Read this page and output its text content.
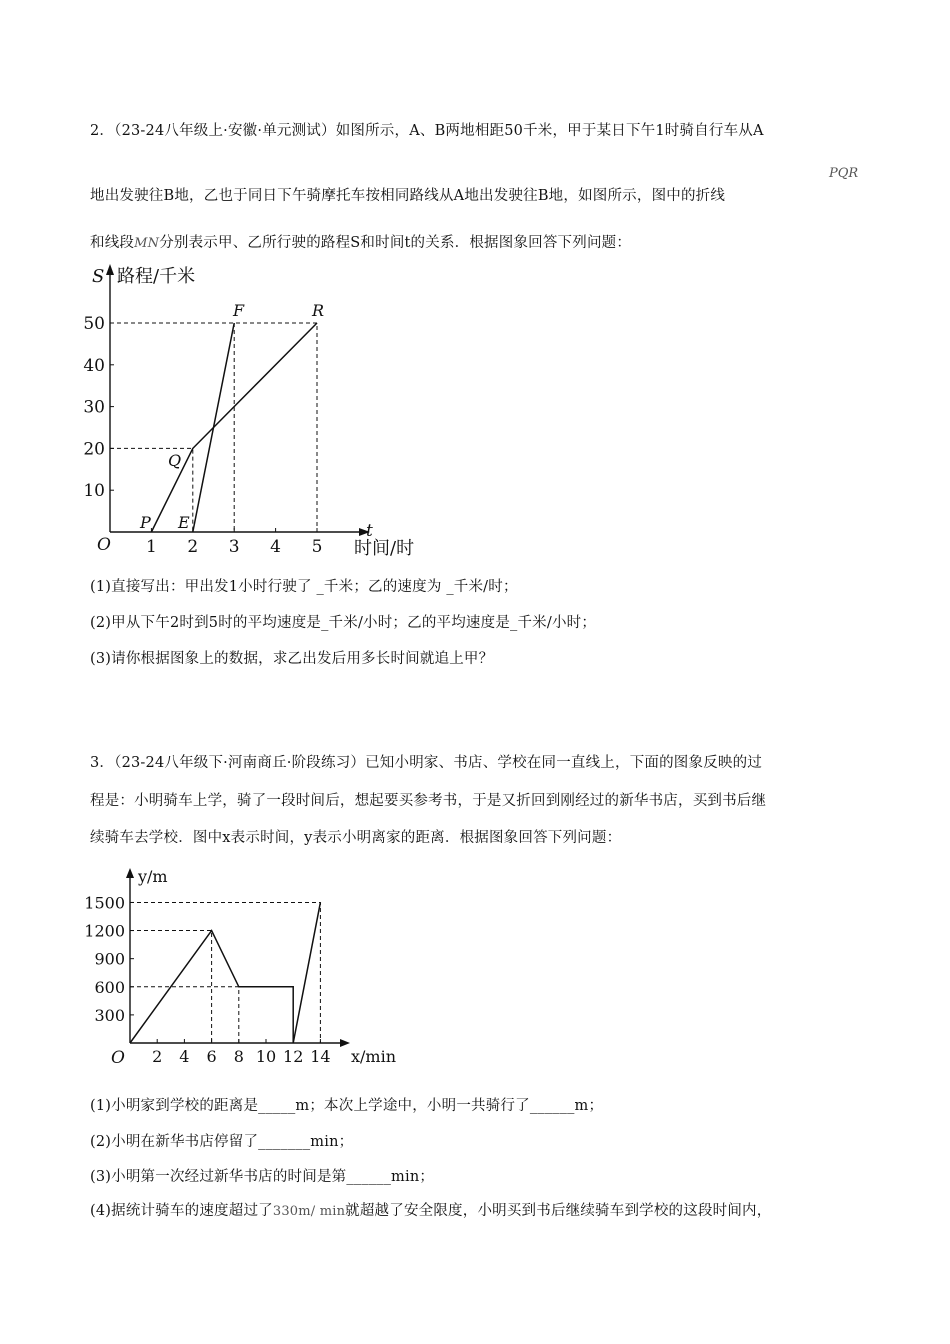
2．（23-24八年级上·安徽·单元测试）如图所示，A、B两地相距50千米，甲于某日下午1时骑自行车从A
PQR
地出发驶往B地，乙也于同日下午骑摩托车按相同路线从A地出发驶往B地，如图所示，图中的折线
和线段MN分别表示甲、乙所行驶的路程S和时间t的关系．根据图象回答下列问题：
S 路程/千米
t
时间/时
O 1 2 3 4 5
10
20
30
40
50
P E
Q
F	R
(1)直接写出：甲出发1小时行驶了 _千米；乙的速度为 _千米/时；
(2)甲从下午2时到5时的平均速度是_千米/小时；乙的平均速度是_千米/小时；
(3)请你根据图象上的数据，求乙出发后用多长时间就追上甲？
3．（23-24八年级下·河南商丘·阶段练习）已知小明家、书店、学校在同一直线上，下面的图象反映的过
程是：小明骑车上学，骑了一段时间后，想起要买参考书，于是又折回到刚经过的新华书店，买到书后继
续骑车去学校．图中x表示时间，y表示小明离家的距离．根据图象回答下列问题：
y/m
x/min
O 2 4 6 8 10 12 14
300
600
900
1200
1500
(1)小明家到学校的距离是_____m；本次上学途中，小明一共骑行了______m；
(2)小明在新华书店停留了_______min；
(3)小明第一次经过新华书店的时间是第______min；
(4)据统计骑车的速度超过了330m/ min就超越了安全限度，小明买到书后继续骑车到学校的这段时间内，
